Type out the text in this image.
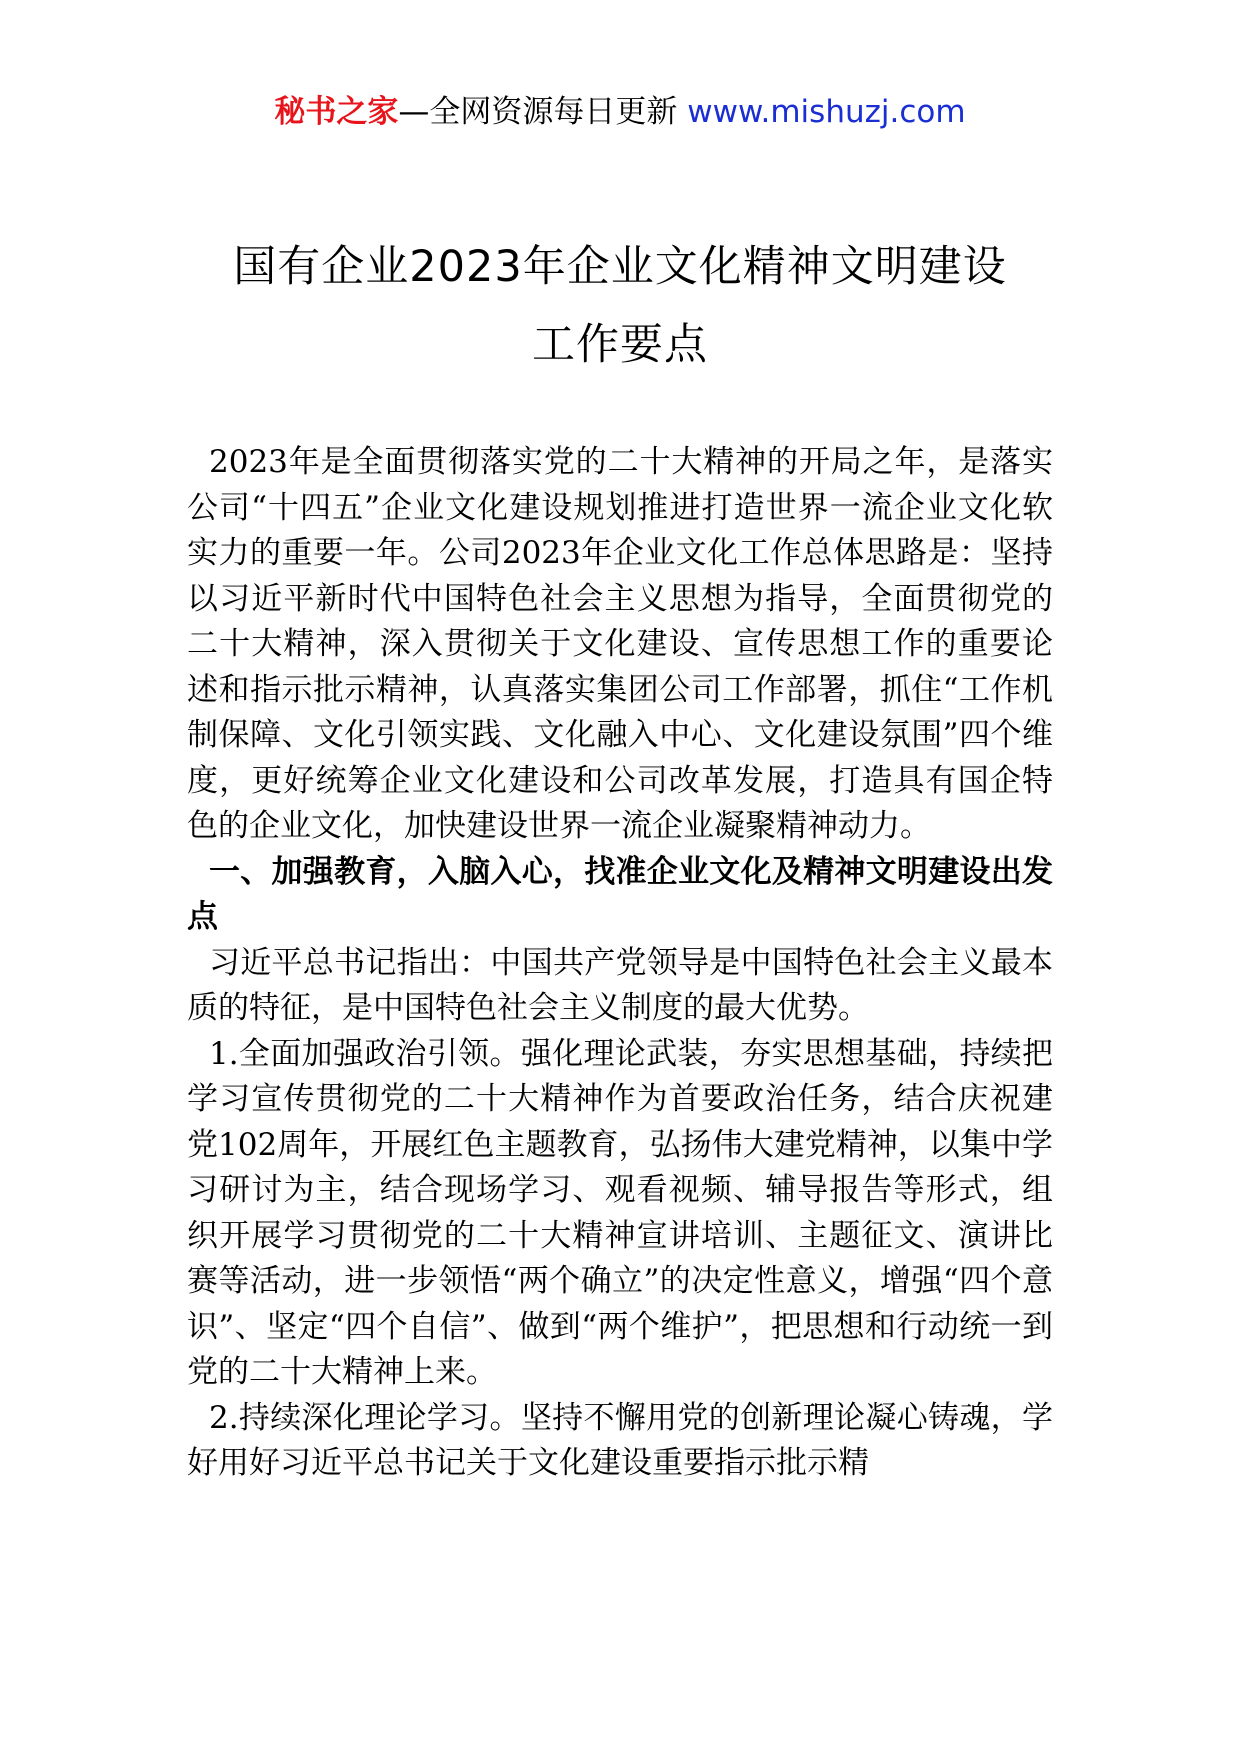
秘书之家—全网资源每日更新 www.mishuzj.com
国有企业2023年企业文化精神文明建设
工作要点

2023年是全面贯彻落实党的二十大精神的开局之年，是落实公司“十四五”企业文化建设规划推进打造世界一流企业文化软实力的重要一年。公司2023年企业文化工作总体思路是：坚持以习近平新时代中国特色社会主义思想为指导，全面贯彻党的二十大精神，深入贯彻关于文化建设、宣传思想工作的重要论述和指示批示精神，认真落实集团公司工作部署，抓住“工作机制保障、文化引领实践、文化融入中心、文化建设氛围”四个维度，更好统筹企业文化建设和公司改革发展，打造具有国企特色的企业文化，加快建设世界一流企业凝聚精神动力。

一、加强教育，入脑入心，找准企业文化及精神文明建设出发点

习近平总书记指出：中国共产党领导是中国特色社会主义最本质的特征，是中国特色社会主义制度的最大优势。

1.全面加强政治引领。强化理论武装，夯实思想基础，持续把学习宣传贯彻党的二十大精神作为首要政治任务，结合庆祝建党102周年，开展红色主题教育，弘扬伟大建党精神，以集中学习研讨为主，结合现场学习、观看视频、辅导报告等形式，组织开展学习贯彻党的二十大精神宣讲培训、主题征文、演讲比赛等活动，进一步领悟“两个确立”的决定性意义，增强“四个意识”、坚定“四个自信”、做到“两个维护”，把思想和行动统一到党的二十大精神上来。

2.持续深化理论学习。坚持不懈用党的创新理论凝心铸魂，学好用好习近平总书记关于文化建设重要指示批示精
